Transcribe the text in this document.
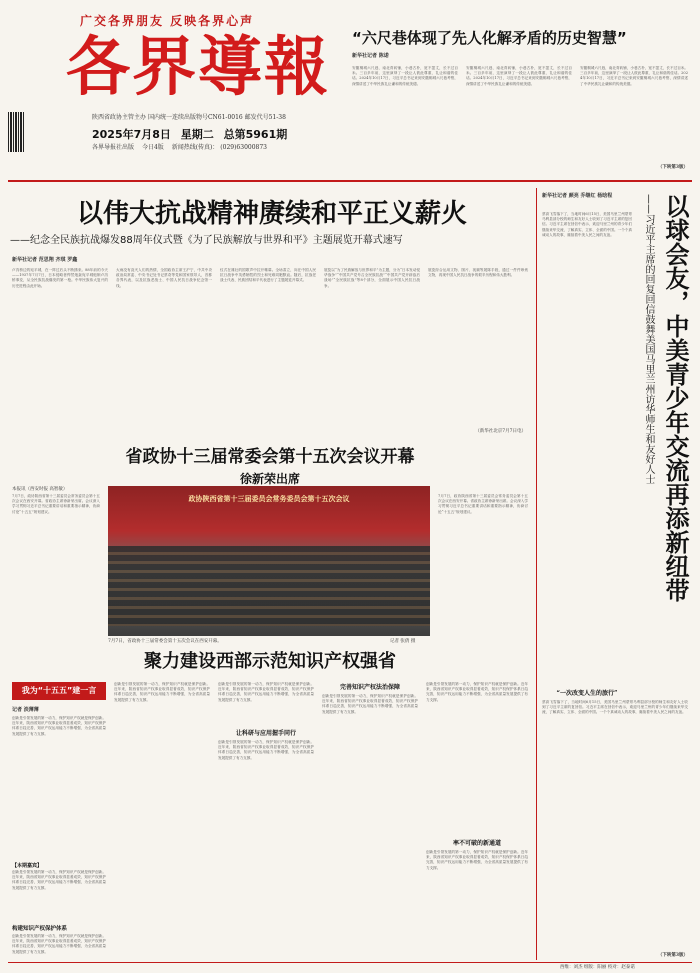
广交各界朋友 反映各界心声
各界導報
陕西省政协主管主办 国内统一连续出版物号CN61-0016 邮发代号51-38
2025年7月8日 星期二 总第5961期
各界导报社出版 今日4版 新闻热线(传真)： (029)63000873
“六尺巷体现了先人化解矛盾的历史智慧”
新华社记者 陈诺
安徽桐城六尺巷，南北青砖铺，小巷古朴，宽不盈丈，长不过百米。三百多年前，这里演绎了一段让人彼此尊重、礼让和谐的佳话。2024年10月17日，习近平总书记来到安徽桐城六尺巷考察，深情讲述了中华民族礼让谦和的传统美德。
安徽桐城六尺巷，南北青砖铺，小巷古朴，宽不盈丈，长不过百米。三百多年前，这里演绎了一段让人彼此尊重、礼让和谐的佳话。2024年10月17日，习近平总书记来到安徽桐城六尺巷考察，深情讲述了中华民族礼让谦和的传统美德。
安徽桐城六尺巷，南北青砖铺，小巷古朴，宽不盈丈，长不过百米。三百多年前，这里演绎了一段让人彼此尊重、礼让和谐的佳话。2024年10月17日，习近平总书记来到安徽桐城六尺巷考察，深情讲述了中华民族礼让谦和的传统美德。
（下转第3版）
以伟大抗战精神赓续和平正义薪火
——纪念全民族抗战爆发88周年仪式暨《为了民族解放与世界和平》主题展览开幕式速写
新华社记者 范思翔 齐琪 罗鑫
卢沟桥边的宛平城，在一阵过后头不断拂来。88年前的今天——1937年7月7日，日本侵略者悍然炮轰宛平城炮制卢沟桥事变，从全民族抗战爆发的第一枪。中华民族伟大复兴的历史进程由此开始。
大雨没有浇灭人们的热情，全国政协主席王沪宁，中共中央政治局常委、中央书记处书记蔡奇等党和国家领导人，首都各界代表，以及抗战老战士、中国人民抗日战争纪念馆一线。
仪式在雄壮的国歌声中拉开帷幕。全场肃立，向在中国人民抗日战争中英勇牺牲的烈士和死难同胞默哀。随后，抗战老战士代表、民族团结和平代表进行了主题展览开幕式。
展览以“为了民族解放与世界和平”为主题，分为“日本发动侵华战争”“中国共产党号召全民族抗战”“中国共产党开辟敌后战场”“全民族抗战”等8个部分，全面展示中国人民抗日战争。
展览综合运用文物、图片、视频等展陈手段，通过一件件珍贵文物，再现中国人民抗日战争的艰辛历程和伟大胜利。
（新华社北京7月7日电）	以球会友，中美青少年交流再添新纽带
——习近平主席的回复回信鼓舞美国马里兰州访华师生和友好人士
新华社记者 颜亮 乔继红 杨晗程
蔡高飞雪落下了，当地时间6月15日，美国马里兰州蒙哥马利县部分校的师生和友好人士收到了习近平主席的复回信。习近平主席在回信中表示，欢迎马里兰州的青少年们继续来华交流，了解真实、立体、全面的中国。一个个真诚动人的故事，赓续着中美人民之间的友谊。
“一次改变人生的旅行”
蔡高飞雪落下了，当地时间6月15日，美国马里兰州蒙哥马利县部分校的师生和友好人士收到了习近平主席的复回信。习近平主席在回信中表示，欢迎马里兰州的青少年们继续来华交流，了解真实、立体、全面的中国。一个个真诚动人的故事，赓续着中美人民之间的友谊。
（下转第3版）
省政协十三届常委会第十五次会议开幕
徐新荣出席
本报讯（西安时报 高智敏）
7月7日，政协陕西省第十三届委员会常务委员会第十五次会议在西安开幕。省政协主席徐新荣出席。会议深入学习贯彻习近平总书记重要讲话和重要指示精神，协商讨论“十五五”规划建议。
政协陕西省第十三届委员会常务委员会第十五次会议
7月7日，省政协十三届常委会第十五次会议在西安开幕。	记者 张倩 摄
7月7日，政协陕西省第十三届委员会常务委员会第十五次会议在西安开幕。省政协主席徐新荣出席。会议深入学习贯彻习近平总书记重要讲话和重要指示精神，协商讨论“十五五”规划建议。
聚力建设西部示范知识产权强省
我为“十五五”建一言
记者 淡薄薄
创新是引领发展的第一动力，保护知识产权就是保护创新。近年来，陕西省知识产权事业取得显著成效，知识产权保护体系日趋完善，知识产权运用能力不断增强，为全省高质量发展提供了有力支撑。
【本期嘉宾】
创新是引领发展的第一动力，保护知识产权就是保护创新。近年来，陕西省知识产权事业取得显著成效，知识产权保护体系日趋完善，知识产权运用能力不断增强，为全省高质量发展提供了有力支撑。
构建知识产权保护体系
创新是引领发展的第一动力，保护知识产权就是保护创新。近年来，陕西省知识产权事业取得显著成效，知识产权保护体系日趋完善，知识产权运用能力不断增强，为全省高质量发展提供了有力支撑。
创新是引领发展的第一动力，保护知识产权就是保护创新。近年来，陕西省知识产权事业取得显著成效，知识产权保护体系日趋完善，知识产权运用能力不断增强，为全省高质量发展提供了有力支撑。
创新是引领发展的第一动力，保护知识产权就是保护创新。近年来，陕西省知识产权事业取得显著成效，知识产权保护体系日趋完善，知识产权运用能力不断增强，为全省高质量发展提供了有力支撑。
让科研与应用握手同行
创新是引领发展的第一动力，保护知识产权就是保护创新。近年来，陕西省知识产权事业取得显著成效，知识产权保护体系日趋完善，知识产权运用能力不断增强，为全省高质量发展提供了有力支撑。
完善知识产权法治保障
创新是引领发展的第一动力，保护知识产权就是保护创新。近年来，陕西省知识产权事业取得显著成效，知识产权保护体系日趋完善，知识产权运用能力不断增强，为全省高质量发展提供了有力支撑。
创新是引领发展的第一动力，保护知识产权就是保护创新。近年来，陕西省知识产权事业取得显著成效，知识产权保护体系日趋完善，知识产权运用能力不断增强，为全省高质量发展提供了有力支撑。
率不可破的新通道
创新是引领发展的第一动力，保护知识产权就是保护创新。近年来，陕西省知识产权事业取得显著成效，知识产权保护体系日趋完善，知识产权运用能力不断增强，为全省高质量发展提供了有力支撑。
西维：刘杰 组版：阳丽 校对：赵泰诺
